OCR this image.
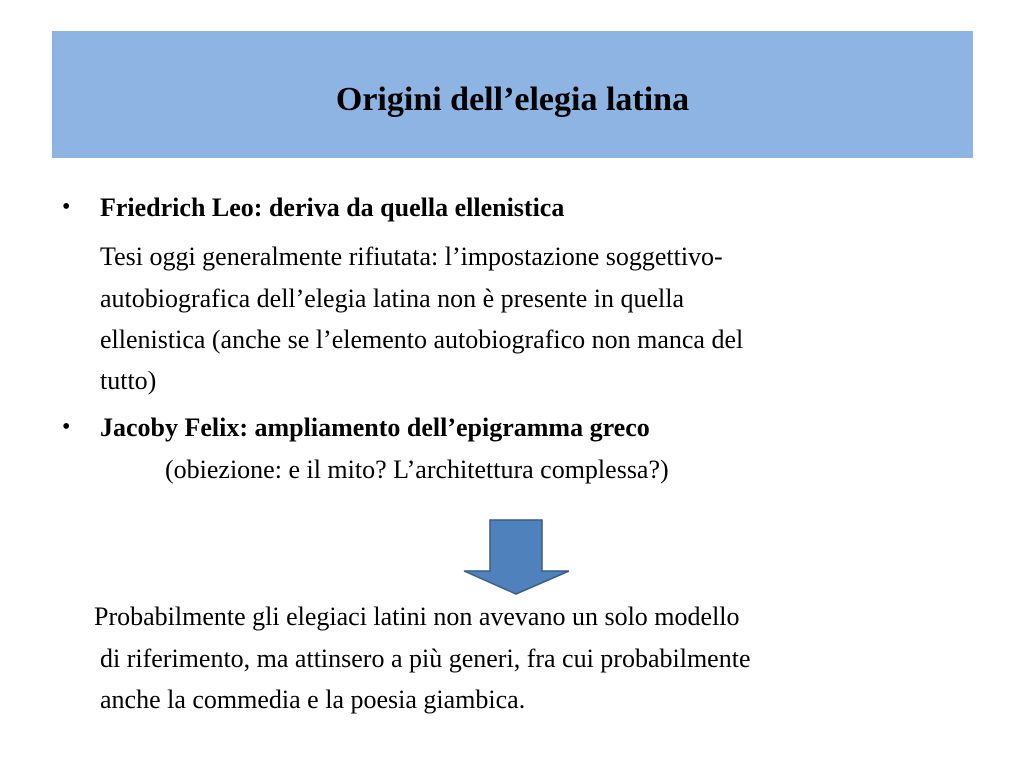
Origini dell’elegia latina
• Friedrich Leo: deriva da quella ellenistica
Tesi oggi generalmente rifiutata: l’impostazione soggettivo-
autobiografica dell’elegia latina non è presente in quella
ellenistica (anche se l’elemento autobiografico non manca del
tutto)
• Jacoby Felix: ampliamento dell’epigramma greco
(obiezione: e il mito? L’architettura complessa?)
Probabilmente gli elegiaci latini non avevano un solo modello
di riferimento, ma attinsero a più generi, fra cui probabilmente
anche la commedia e la poesia giambica.
